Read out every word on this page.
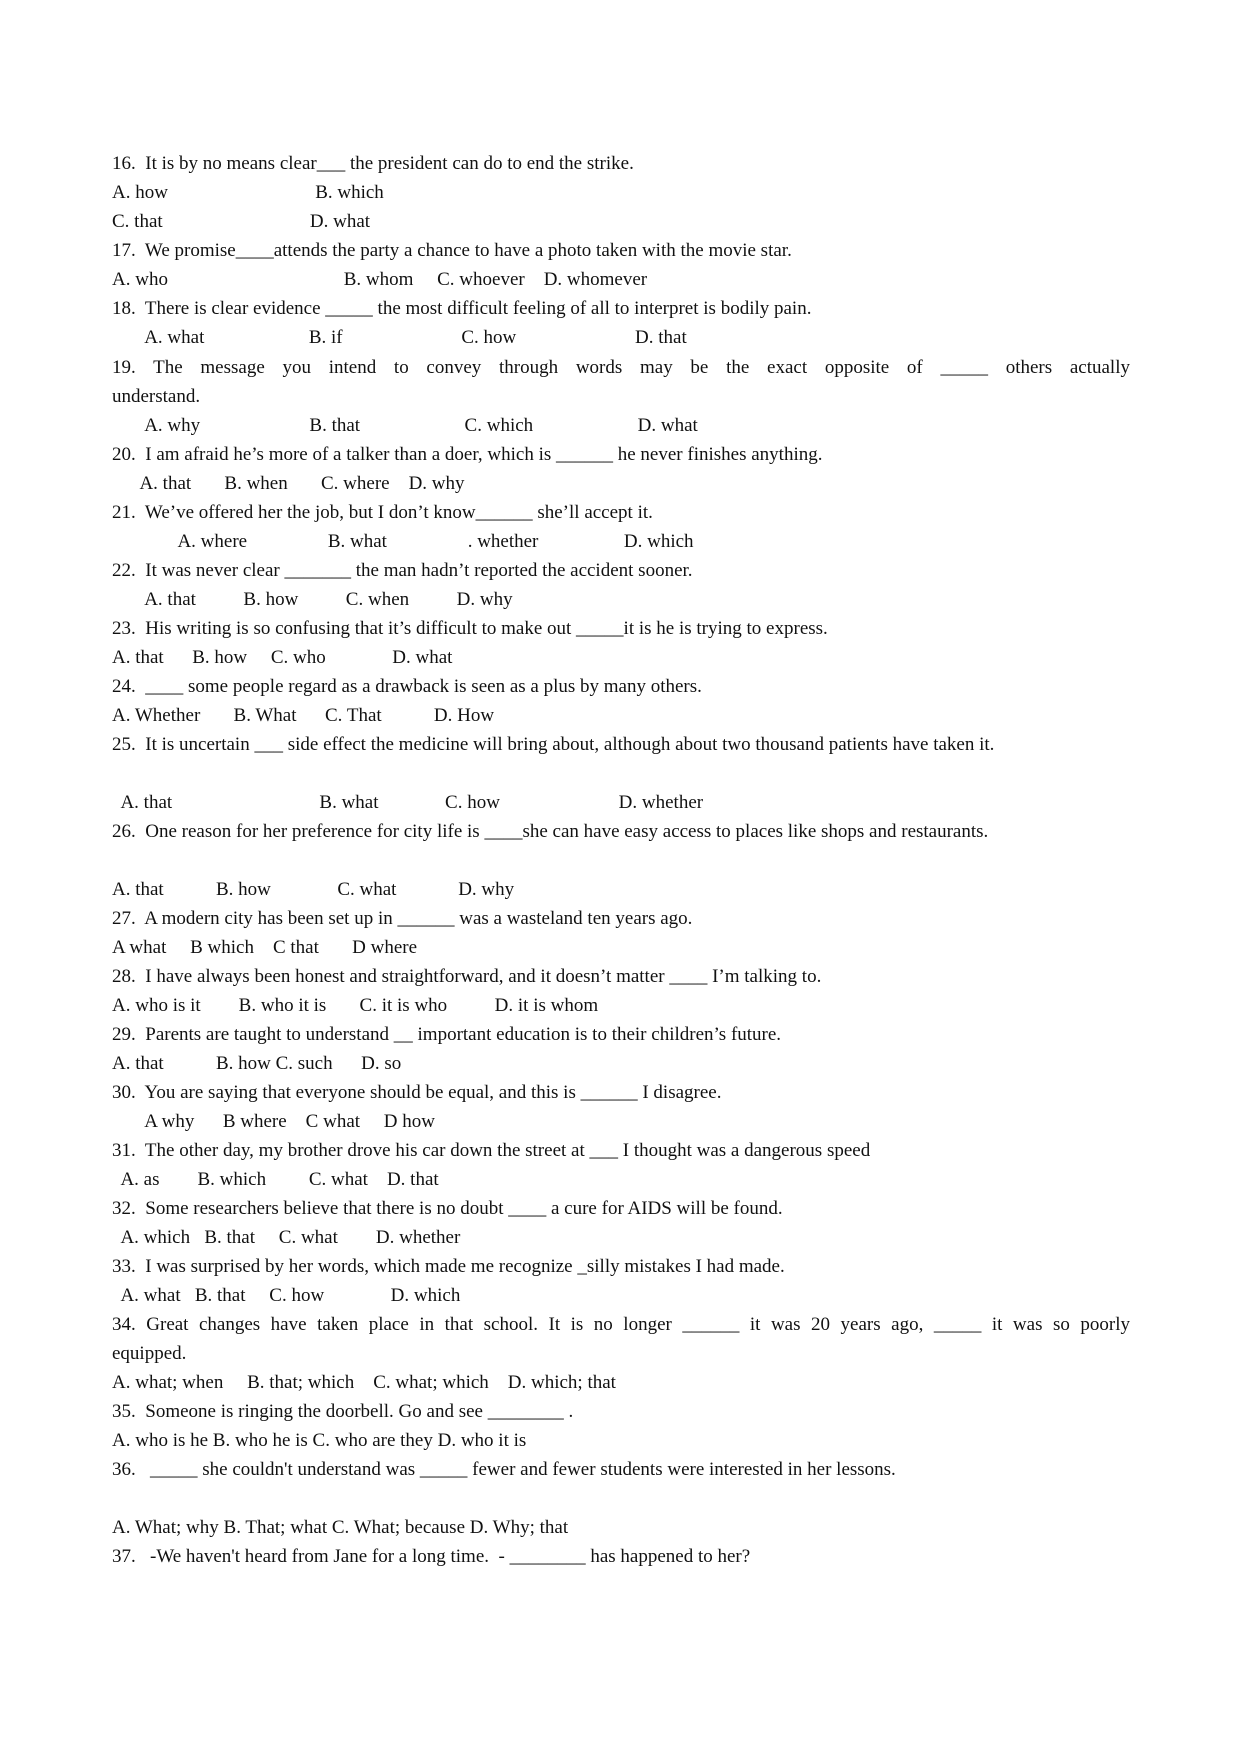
16.  It is by no means clear___ the president can do to end the strike.
A. how                               B. which
C. that                               D. what
17.  We promise____attends the party a chance to have a photo taken with the movie star.
A. who                                     B. whom     C. whoever    D. whomever
18.  There is clear evidence _____ the most difficult feeling of all to interpret is bodily pain.
A. what                      B. if                         C. how                         D. that
19. The message you intend to convey through words may be the exact opposite of _____ others actually
understand.
A. why                       B. that                      C. which                      D. what
20.  I am afraid he’s more of a talker than a doer, which is ______ he never finishes anything.
A. that       B. when       C. where    D. why
21.  We’ve offered her the job, but I don’t know______ she’ll accept it.
A. where                 B. what                 . whether                  D. which
22.  It was never clear _______ the man hadn’t reported the accident sooner.
A. that          B. how          C. when          D. why
23.  His writing is so confusing that it’s difficult to make out _____it is he is trying to express.
A. that      B. how     C. who              D. what
24.  ____ some people regard as a drawback is seen as a plus by many others.
A. Whether       B. What      C. That           D. How
25.  It is uncertain ___ side effect the medicine will bring about, although about two thousand patients have taken it.
A. that                               B. what              C. how                         D. whether
26.  One reason for her preference for city life is ____she can have easy access to places like shops and restaurants.
A. that           B. how              C. what             D. why
27.  A modern city has been set up in ______ was a wasteland ten years ago.
A what     B which    C that       D where
28.  I have always been honest and straightforward, and it doesn’t matter ____ I’m talking to.
A. who is it        B. who it is       C. it is who          D. it is whom
29.  Parents are taught to understand __ important education is to their children’s future.
A. that           B. how C. such      D. so
30.  You are saying that everyone should be equal, and this is ______ I disagree.
A why      B where    C what     D how
31.  The other day, my brother drove his car down the street at ___ I thought was a dangerous speed
A. as        B. which         C. what    D. that
32.  Some researchers believe that there is no doubt ____ a cure for AIDS will be found.
A. which   B. that     C. what        D. whether
33.  I was surprised by her words, which made me recognize _silly mistakes I had made.
A. what   B. that     C. how              D. which
34. Great changes have taken place in that school. It is no longer ______ it was 20 years ago, _____ it was so poorly
equipped.
A. what; when     B. that; which    C. what; which    D. which; that
35.  Someone is ringing the doorbell. Go and see ________ .
A. who is he B. who he is C. who are they D. who it is
36.   _____ she couldn't understand was _____ fewer and fewer students were interested in her lessons.
A. What; why B. That; what C. What; because D. Why; that
37.   -We haven't heard from Jane for a long time.  - ________ has happened to her?
